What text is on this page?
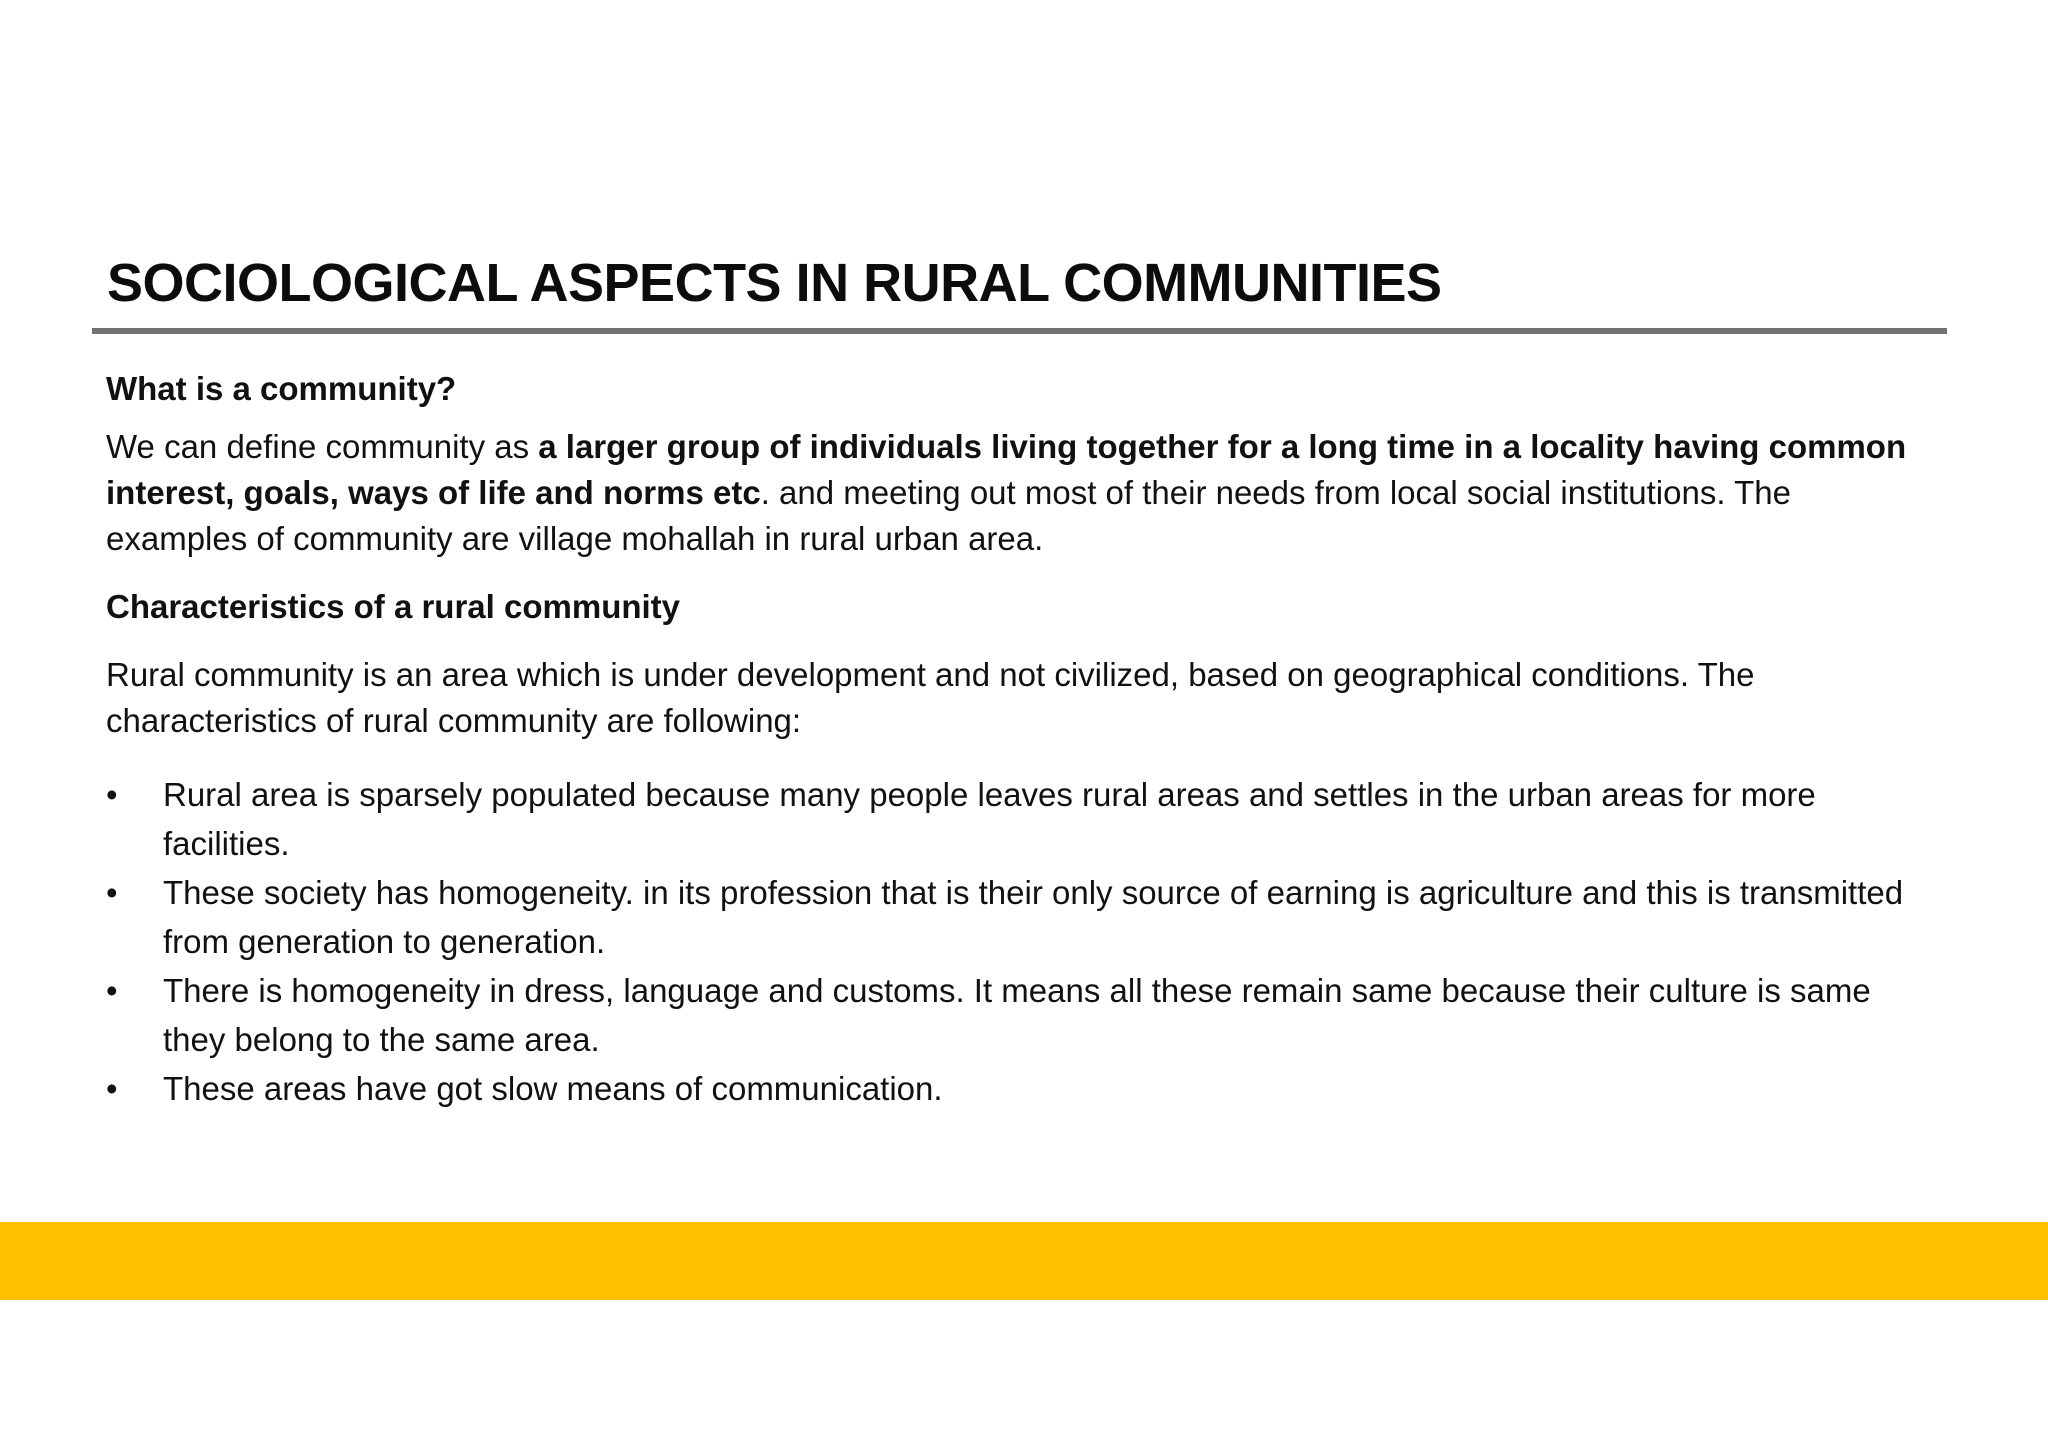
SOCIOLOGICAL ASPECTS IN RURAL COMMUNITIES

What is a community?

We can define community as a larger group of individuals living together for a long time in a locality having common interest, goals, ways of life and norms etc. and meeting out most of their needs from local social institutions. The examples of community are village mohallah in rural urban area.

Characteristics of a rural community

Rural community is an area which is under development and not civilized, based on geographical conditions. The characteristics of rural community are following:

• Rural area is sparsely populated because many people leaves rural areas and settles in the urban areas for more facilities.
• These society has homogeneity. in its profession that is their only source of earning is agriculture and this is transmitted from generation to generation.
• There is homogeneity in dress, language and customs. It means all these remain same because their culture is same they belong to the same area.
• These areas have got slow means of communication.
